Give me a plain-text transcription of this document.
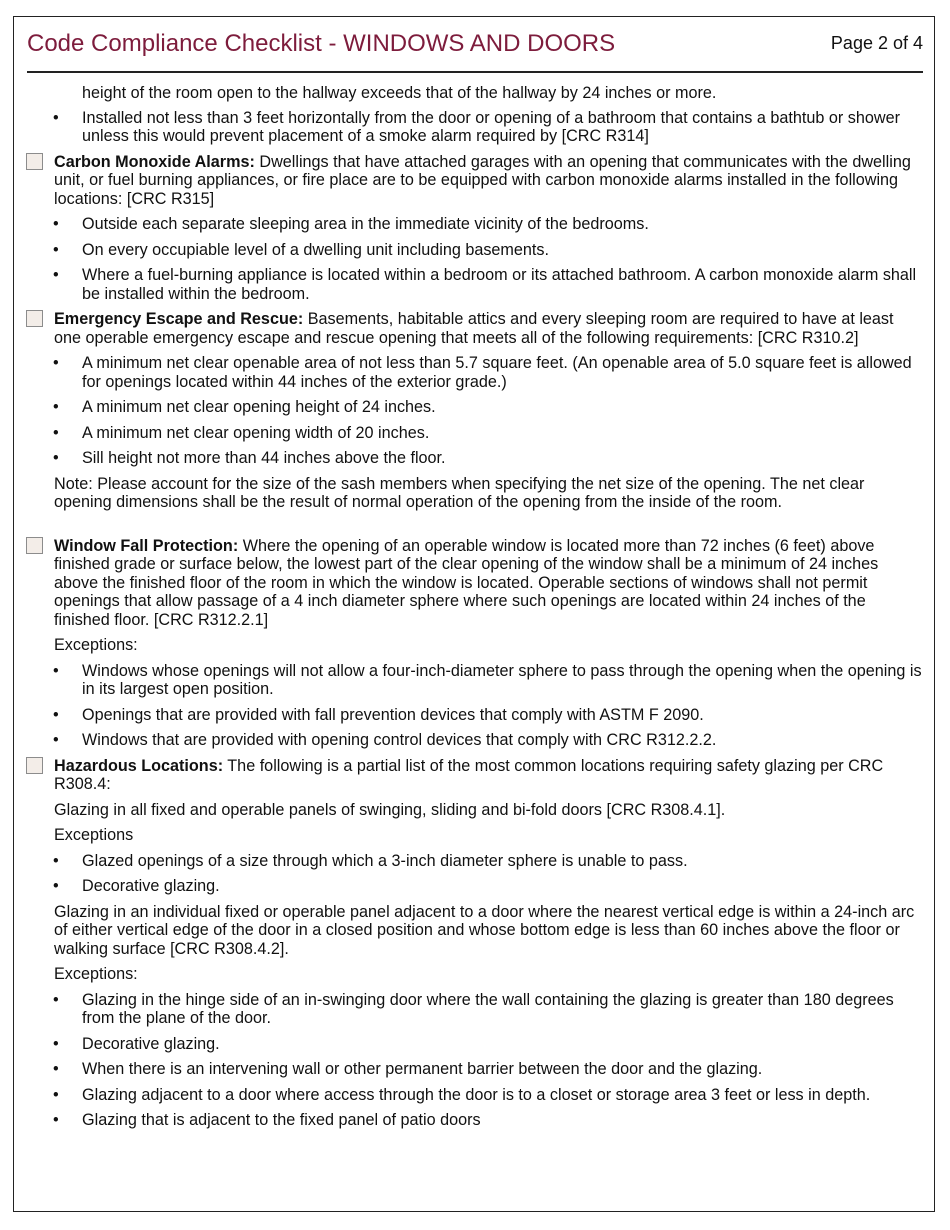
Code Compliance Checklist - WINDOWS AND DOORS	Page 2 of 4
height of the room open to the hallway exceeds that of the hallway by 24 inches or more.
• Installed not less than 3 feet horizontally from the door or opening of a bathroom that contains a bathtub or shower unless this would prevent placement of a smoke alarm required by [CRC R314]
Carbon Monoxide Alarms: Dwellings that have attached garages with an opening that communicates with the dwelling unit, or fuel burning appliances, or fire place are to be equipped with carbon monoxide alarms installed in the following locations: [CRC R315]
• Outside each separate sleeping area in the immediate vicinity of the bedrooms.
• On every occupiable level of a dwelling unit including basements.
• Where a fuel-burning appliance is located within a bedroom or its attached bathroom. A carbon monoxide alarm shall be installed within the bedroom.
Emergency Escape and Rescue: Basements, habitable attics and every sleeping room are required to have at least one operable emergency escape and rescue opening that meets all of the following requirements: [CRC R310.2]
• A minimum net clear openable area of not less than 5.7 square feet. (An openable area of 5.0 square feet is allowed for openings located within 44 inches of the exterior grade.)
• A minimum net clear opening height of 24 inches.
• A minimum net clear opening width of 20 inches.
• Sill height not more than 44 inches above the floor.
Note: Please account for the size of the sash members when specifying the net size of the opening. The net clear opening dimensions shall be the result of normal operation of the opening from the inside of the room.
Window Fall Protection: Where the opening of an operable window is located more than 72 inches (6 feet) above finished grade or surface below, the lowest part of the clear opening of the window shall be a minimum of 24 inches above the finished floor of the room in which the window is located. Operable sections of windows shall not permit openings that allow passage of a 4 inch diameter sphere where such openings are located within 24 inches of the finished floor. [CRC R312.2.1]
Exceptions:
• Windows whose openings will not allow a four-inch-diameter sphere to pass through the opening when the opening is in its largest open position.
• Openings that are provided with fall prevention devices that comply with ASTM F 2090.
• Windows that are provided with opening control devices that comply with CRC R312.2.2.
Hazardous Locations: The following is a partial list of the most common locations requiring safety glazing per CRC R308.4:
Glazing in all fixed and operable panels of swinging, sliding and bi-fold doors [CRC R308.4.1].
Exceptions
• Glazed openings of a size through which a 3-inch diameter sphere is unable to pass.
• Decorative glazing.
Glazing in an individual fixed or operable panel adjacent to a door where the nearest vertical edge is within a 24-inch arc of either vertical edge of the door in a closed position and whose bottom edge is less than 60 inches above the floor or walking surface [CRC R308.4.2].
Exceptions:
• Glazing in the hinge side of an in-swinging door where the wall containing the glazing is greater than 180 degrees from the plane of the door.
• Decorative glazing.
• When there is an intervening wall or other permanent barrier between the door and the glazing.
• Glazing adjacent to a door where access through the door is to a closet or storage area 3 feet or less in depth.
• Glazing that is adjacent to the fixed panel of patio doors
